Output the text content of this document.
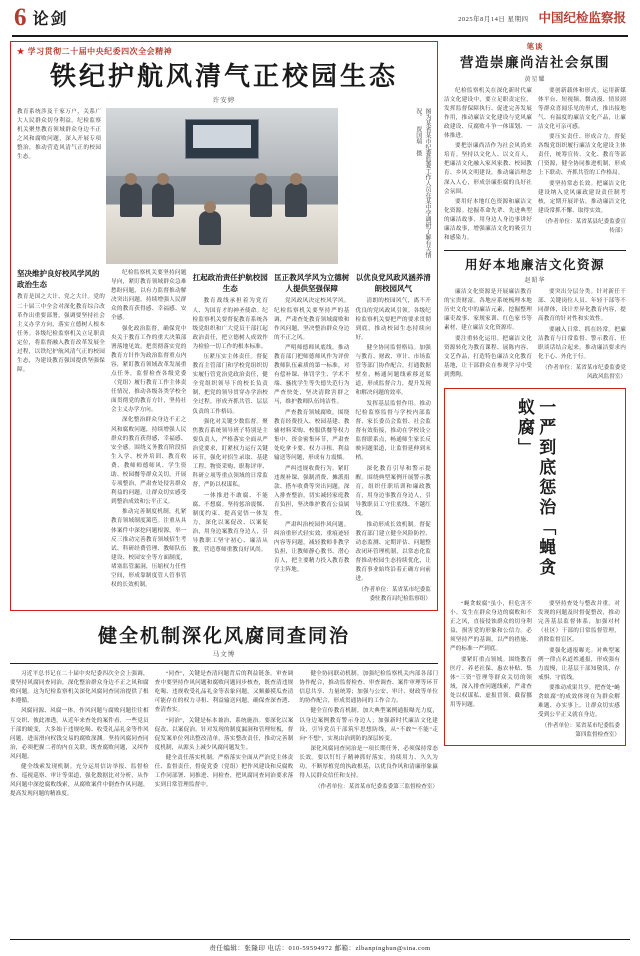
6 论剑	2025年8月14日 星期四 中国纪检监察报
★ 学习贯彻二十届中央纪委四次全会精神
铁纪护航风清气正校园生态
许安婷
教育系统涉及千家万户，关系广大人民群众切身利益。纪检监察机关聚焦教育领域群众身边不正之风和腐败问题，深入开展专项整治，推动营造风清气正的校园生态。	图为某省某市纪委监委工作人员在某中学调研了解有关情况。 贾国瑞 摄
坚决维护良好校风学风的政治生态
教育是国之大计、党之大计。党的二十届三中全会对深化教育综合改革作出重要部署，强调要坚持社会主义办学方向，落实立德树人根本任务。各级纪检监察机关立足职责定位，将监督融入教育改革发展全过程，以铁纪护航风清气正的校园生态，为建设教育强国提供坚强保障。

纪检监察机关要坚持问题导向，紧盯教育领域群众急难愁盼问题，以有力监督推动解决突出问题，持续增强人民群众的教育获得感、幸福感、安全感。

强化政治监督，确保党中央关于教育工作的重大决策部署落地见效。把贯彻落实党的教育方针作为政治监督重点内容，紧盯教育领域改革发展重点任务，监督检查各级党委（党组）履行教育工作主体责任情况，推动各级各类学校全面贯彻党的教育方针，坚持社会主义办学方向。

深化整治群众身边不正之风和腐败问题，持续增强人民群众的教育获得感、幸福感、安全感。围绕义务教育阶段招生入学、校外培训、教育收费、教师师德师风、学生资助、校园餐等群众关切，开展专项整治，严肃查处侵害群众利益的问题，让群众切实感受到整治成效和公平正义。

推动完善制度机制，扎紧教育领域制度篱笆。注重从具体案件中深挖问题根源，举一反三推动完善教育领域招生考试、科研经费管理、教师队伍建设、校园安全等方面制度，堵塞监管漏洞，压缩权力任性空间，形成靠制度管人管事管权的长效机制。

扛起政治责任护航校园生态

教育战线承担着为党育人、为国育才的神圣使命。纪检监察机关要督促教育系统各级党组织和广大党员干部扛起政治责任，把立德树人成效作为检验一切工作的根本标准。

压紧压实主体责任。督促教育主管部门和学校党组织切实履行管党治党政治责任，健全党组织领导下的校长负责制，把党的领导贯穿办学治校全过程，形成齐抓共管、层层负责的工作格局。

强化对关键少数监督。聚焦教育系统领导班子特别是主要负责人，严格落实全面从严治党要求，盯紧权力运行关键环节，强化对招生录取、基建工程、物资采购、职称评审、科研立项等重点领域的日常监督，严防以权谋私。

一体推进不敢腐、不能腐、不想腐。坚持惩治震慑、制度约束、提高觉悟一体发力，深化以案促改、以案促治，用身边案教育身边人，引导教职工坚守初心、廉洁从教，营造尊师重教良好风尚。

匡正教风学风为立德树人提供坚强保障

党风政风决定校风学风。纪检监察机关要坚持严的基调，严肃查处教育领域腐败和作风问题，坚决整治群众身边的不正之风。

严明师德师风底线。推动教育部门把师德师风作为评价教师队伍素质的第一标准，对有偿补课、体罚学生、学术不端、骚扰学生等失德失范行为严查快处，坚决清除害群之马，维护教师队伍纯洁性。

严查教育领域腐败。围绕教育经费投入、校园基建、教辅材料采购、校服供餐等权力集中、资金密集环节，严肃查处吃拿卡要、权力寻租、利益输送等问题，形成有力震慑。

严纠违规收费行为。紧盯违规补课、强制消费、摊派捐款、搭车收费等突出问题，深入排查整治，切实减轻家庭教育负担，坚决维护教育公益属性。

严肃纠治校园作风问题。纠治重形式轻实效、重痕迹轻内容等问题，减轻教师非教学负担，让教师静心教书、潜心育人，把主要精力投入教育教学主阵地。

以优良党风政风涵养清朗校园风气

清朗的校园风气，离不开优良的党风政风引领。各级纪检监察机关要把严的要求贯彻到底，推动校园生态持续向好。

健全协同监督格局。加强与教育、财政、审计、市场监管等部门协作配合，打通数据壁垒，畅通问题线索移送渠道，形成监督合力，提升发现和解决问题的效率。

发挥基层监督作用。推动纪检监察监督与学校内部监督、家长委员会监督、社会监督有效衔接，推动在学校设立监督联系点，畅通师生家长反映问题渠道，让监督延伸到末梢。

深化教育引导和警示提醒。围绕典型案例开展警示教育，组织任职培训和廉政教育，用身边事教育身边人，引导教职员工守住底线、不越红线。

推动形成长效机制。督促教育部门建立健全风险防控、动态监测、定期评估、问题整改闭环管理机制，以常态化监督推动校园生态持续优化，让教育事业始终沿着正确方向前进。

（作者单位：某省某市纪委监委驻教育局纪检监察组）
健全机制深化风腐同查同治
马文博

习近平总书记在二十届中央纪委四次全会上强调，要坚持风腐同查同治，深化整治群众身边不正之风和腐败问题。这为纪检监察机关深化风腐同查同治提供了根本遵循。

风腐同源、风腐一体，作风问题与腐败问题往往相互交织、彼此渗透。从近年来查处的案件看，一些党员干部的蜕变，大多始于违规吃喝、收受礼品礼金等作风问题，进而滑向权钱交易的腐败深渊。坚持风腐同查同治，必须把握二者的内在关联，既查腐败问题，又纠作风问题。

健全线索发现机制。充分运用信访举报、监督检查、巡视巡察、审计等渠道，强化数据比对分析，从作风问题中深挖腐败线索，从腐败案件中倒查作风问题，提高发现问题的精准度。

“同查”，关键是查清问题背后的利益链条。审查调查中要坚持作风问题和腐败问题同步核查，既查清违规吃喝、违规收受礼品礼金等表象问题，又顺藤摸瓜查清可能存在的权力寻租、利益输送问题，确保查深查透、查清查实。

“同治”，关键是标本兼治、系统施治。要深化以案促改、以案促治，针对发现的制度漏洞和管理短板，督促发案单位列出整改清单，落实整改责任，推动完善制度机制，从源头上减少风腐问题发生。

健全责任落实机制。严格落实全面从严治党主体责任、监督责任，督促党委（党组）把作风建设和反腐败工作同部署、同推进、同检查，把风腐同查同治要求落实到日常管理监督中。

健全协同联动机制。加强纪检监察机关内部各部门协作配合，推动监督检查、审查调查、案件审理等环节信息共享、力量统筹；加强与公安、审计、财政等单位的协作配合，形成贯通协同的工作合力。

健全宣传教育机制。加大典型案例通报曝光力度，以身边案例教育警示身边人；加强新时代廉洁文化建设，引导党员干部筑牢思想防线，从“不敢”“不能”走向“不想”，实现由治到防的深层转变。

深化风腐同查同治是一项长期任务，必须保持常态长效。要以钉钉子精神抓好落实，持续用力、久久为功，不断厚植党的执政根基，以优良作风和清廉形象赢得人民群众信任和支持。

（作者单位：某省某市纪委监委第三监督检查室）
笔谈
营造崇廉尚洁社会氛围
黄星耀

纪检监察机关在深化新时代廉洁文化建设中，要立足职责定位，发挥监督保障执行、促进完善发展作用，推动廉洁文化建设与党风廉政建设、反腐败斗争一体谋划、一体推进。

要把崇廉尚洁作为社会风尚来培育。坚持以文化人、以文育人，把廉洁文化融入家风家教、校园教育、乡风文明建设，推动廉洁理念深入人心，形成崇廉拒腐的良好社会氛围。

要用好本地红色资源和廉洁文化资源。挖掘革命先辈、先进典型的廉洁故事，用身边人身边事讲好廉洁故事，增强廉洁文化的吸引力和感染力。

要创新载体和形式。运用新媒体平台、短视频、微动漫、情景剧等群众喜闻乐见的形式，推出接地气、有温度的廉洁文化产品，让廉洁文化可亲可感。

要压实责任、形成合力。督促各级党组织履行廉洁文化建设主体责任，统筹宣传、文化、教育等部门资源，健全协同推进机制，形成上下联动、齐抓共管的工作格局。

要坚持常态长效。把廉洁文化建设纳入党风廉政建设责任制考核，定期开展评估，推动廉洁文化建设常抓不懈、取得实效。

（作者单位：某省某县纪委监委宣传部）
用好本地廉洁文化资源
赵昭华

廉洁文化资源是开展廉洁教育的宝贵财富。各地应系统梳理本地历史文化中的廉洁元素，挖掘整理廉吏故事、家规家训、红色家书等素材，建立廉洁文化资源库。

要注重转化运用。把廉洁文化资源转化为教育课程、展陈内容、文艺作品，打造特色廉洁文化教育基地，让干部群众在参观学习中受到熏陶。

要突出分层分类。针对新任干部、关键岗位人员、年轻干部等不同群体，设计差异化教育内容，提高教育的针对性和实效性。

要融入日常、抓在经常。把廉洁教育与日常监督、警示教育、任职谈话结合起来，推动廉洁要求内化于心、外化于行。

（作者单位：某省某市纪委监委党风政风监督室）
一严到底惩治「蝇贪蚁腐」

“蝇贪蚁腐”虽小，但危害不小。发生在群众身边的腐败和不正之风，直接侵蚀群众的切身利益，损害党的形象和公信力。必须坚持严的基调，以严的措施、严的标准一严到底。

要紧盯重点领域。围绕教育医疗、养老社保、惠农补贴、集体“三资”管理等群众关切的领域，深入排查问题线索，严肃查处以权谋私、虚报冒领、截留挪用等问题。

要坚持查处与整改并重。对发现的问题及时督促整改，推动完善基层监督体系，加强对村（社区）干部的日常监督管理，消除监督盲区。

要强化通报曝光。对典型案例一律点名道姓通报，形成强有力震慢，让基层干部知敬畏、存戒惧、守底线。

要推动成果共享。把查处“蝇贪蚁腐”的成效体现在为群众解难题、办实事上，让群众切实感受到公平正义就在身边。

（作者单位：某省某市纪委监委第四监督检查室）
责任编辑：张隆印 电话：010-59594972 邮箱：zlbanpinghun@sina.com
